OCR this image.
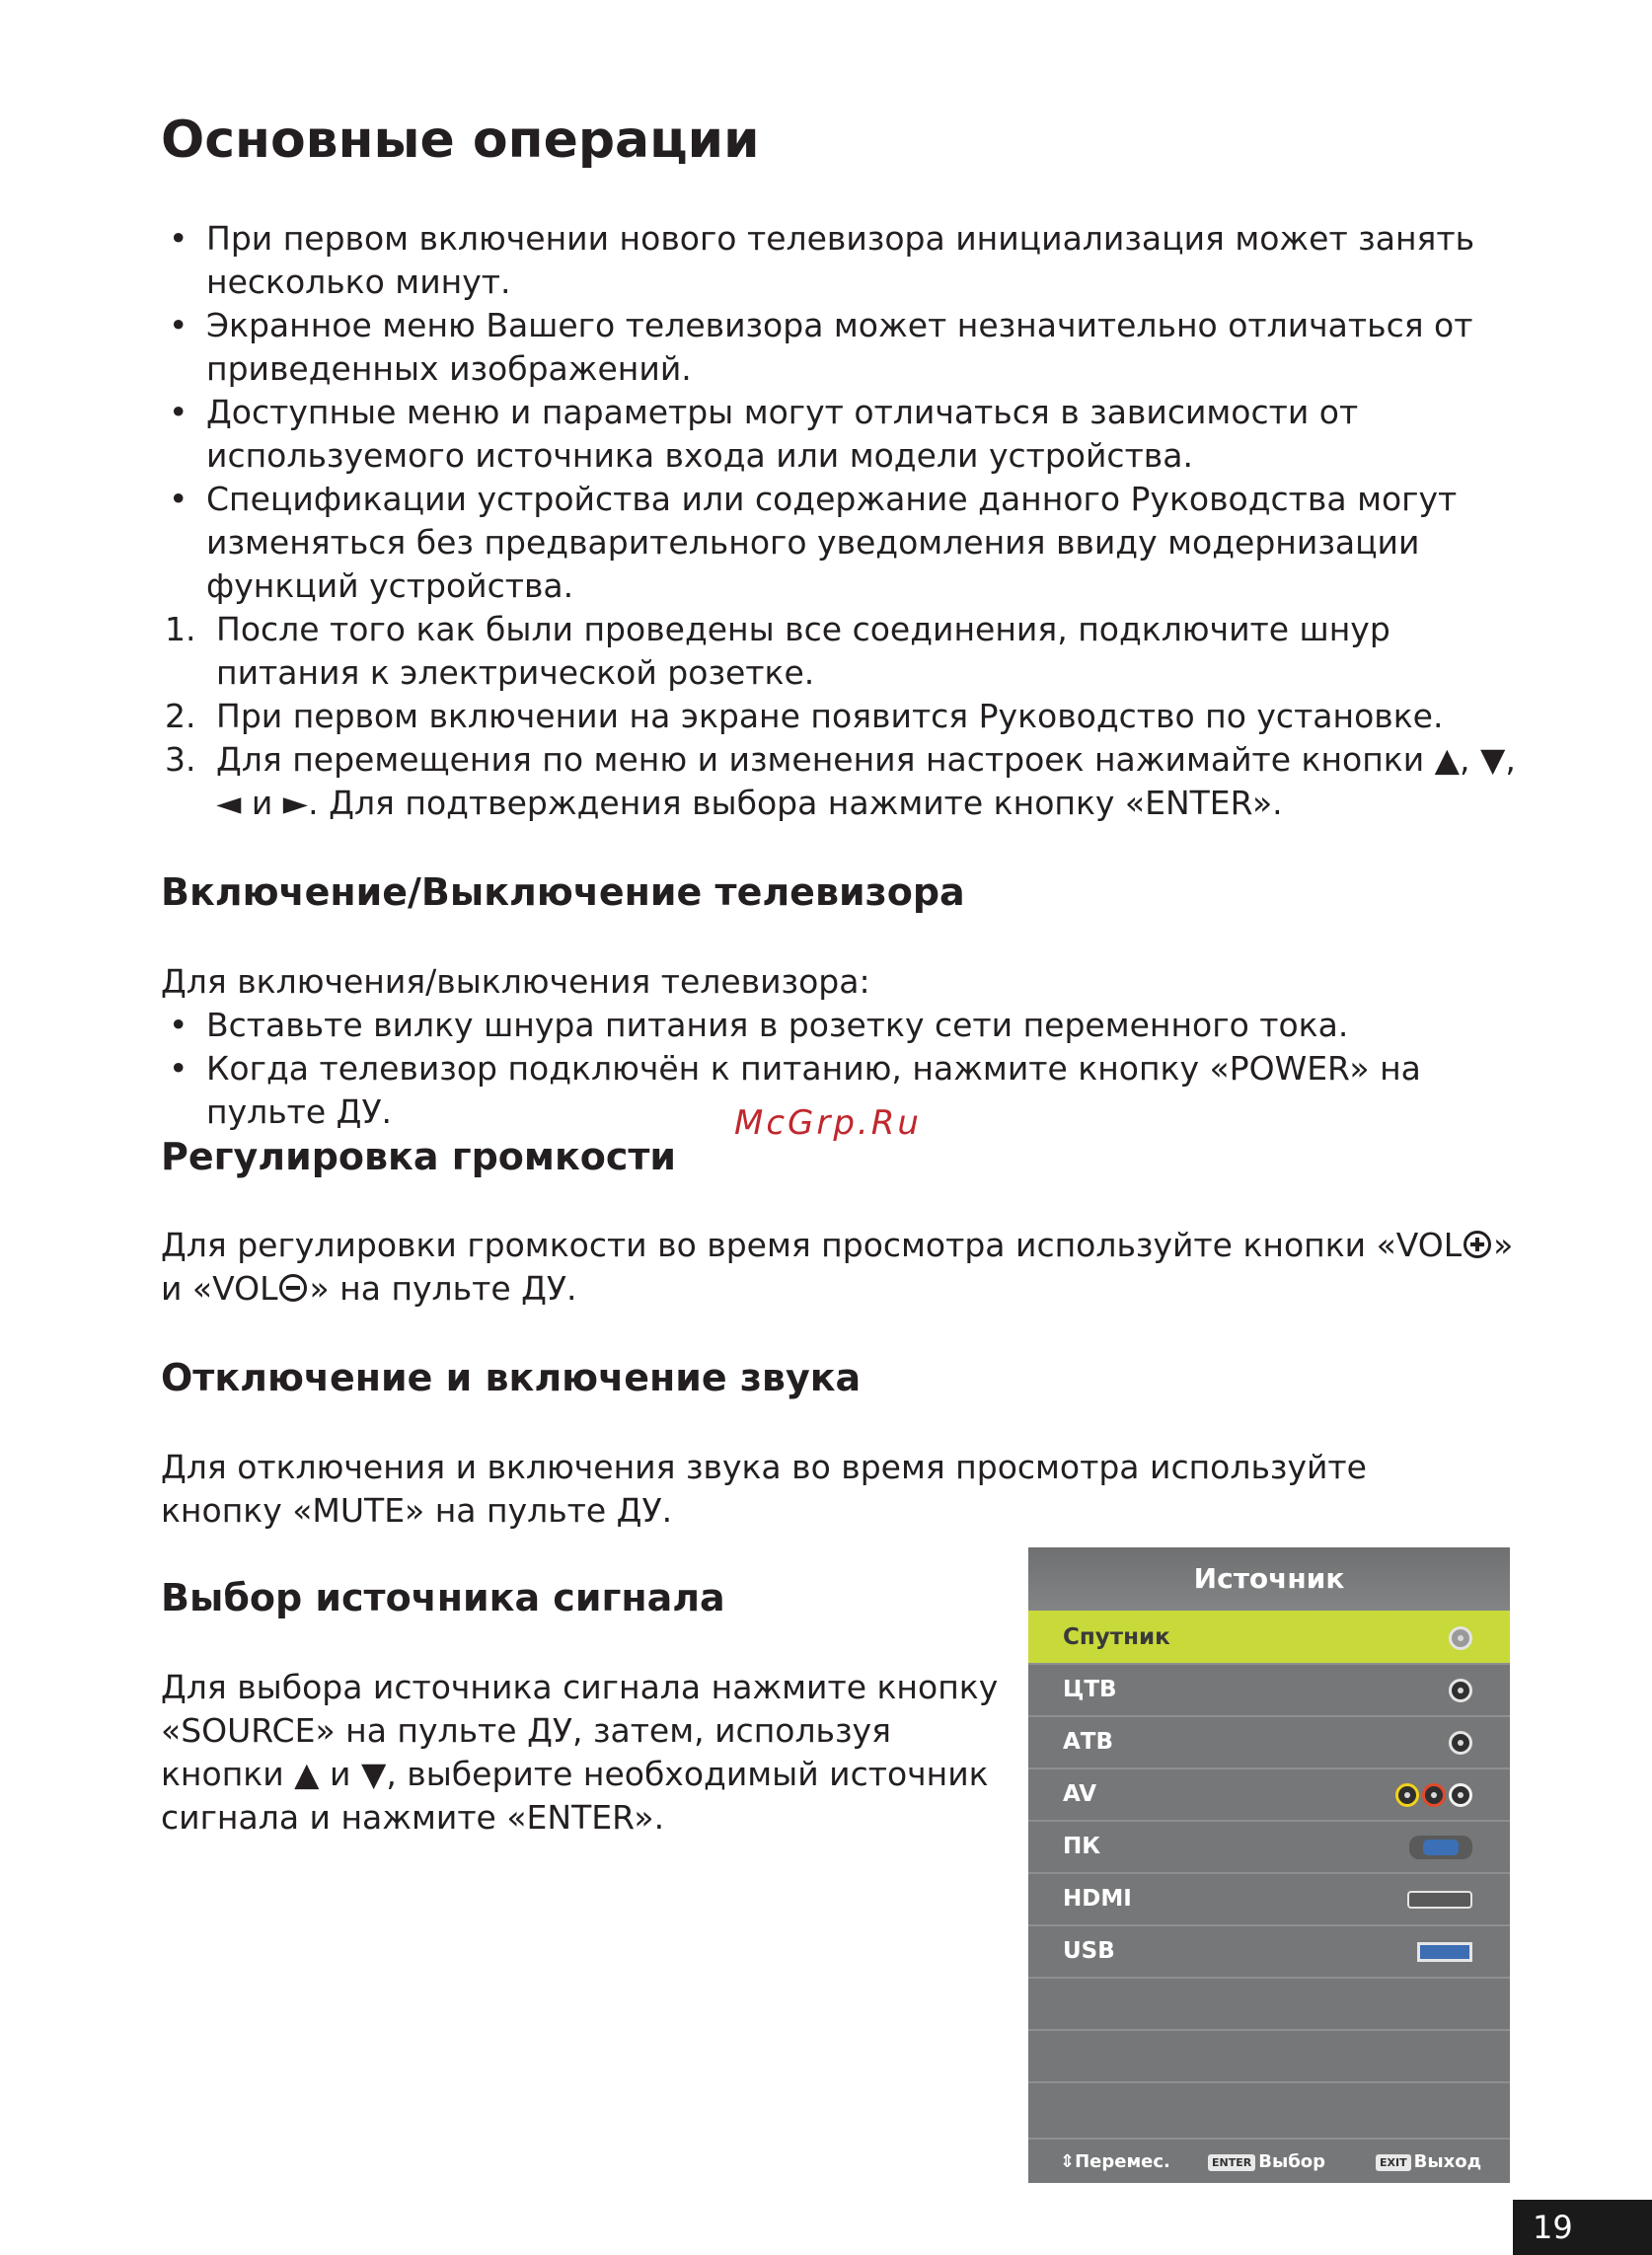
Основные операции
• При первом включении нового телевизора инициализация может занять несколько минут.
• Экранное меню Вашего телевизора может незначительно отличаться от приведенных изображений.
• Доступные меню и параметры могут отличаться в зависимости от используемого источника входа или модели устройства.
• Спецификации устройства или содержание данного Руководства могут изменяться без предварительного уведомления ввиду модернизации функций устройства.
1. После того как были проведены все соединения, подключите шнур питания к электрической розетке.
2. При первом включении на экране появится Руководство по установке.
3. Для перемещения по меню и изменения настроек нажимайте кнопки ▲, ▼, ◄ и ►. Для подтверждения выбора нажмите кнопку «ENTER».
Включение/Выключение телевизора
Для включения/выключения телевизора:
• Вставьте вилку шнура питания в розетку сети переменного тока.
• Когда телевизор подключён к питанию, нажмите кнопку «POWER» на пульте ДУ.	McGrp.Ru
Регулировка громкости
Для регулировки громкости во время просмотра используйте кнопки «VOL »
и «VOL » на пульте ДУ.
Отключение и включение звука
Для отключения и включения звука во время просмотра используйте кнопку «MUTE» на пульте ДУ.
Выбор источника сигнала
Для выбора источника сигнала нажмите кнопку «SOURCE» на пульте ДУ, затем, используя кнопки ▲ и ▼, выберите необходимый источник сигнала и нажмите «ENTER».
Источник
Спутник
ЦТВ
АТВ
AV
ПК
HDMI
USB
⇕Перемес.	ENTER Выбор	EXIT Выход
19
